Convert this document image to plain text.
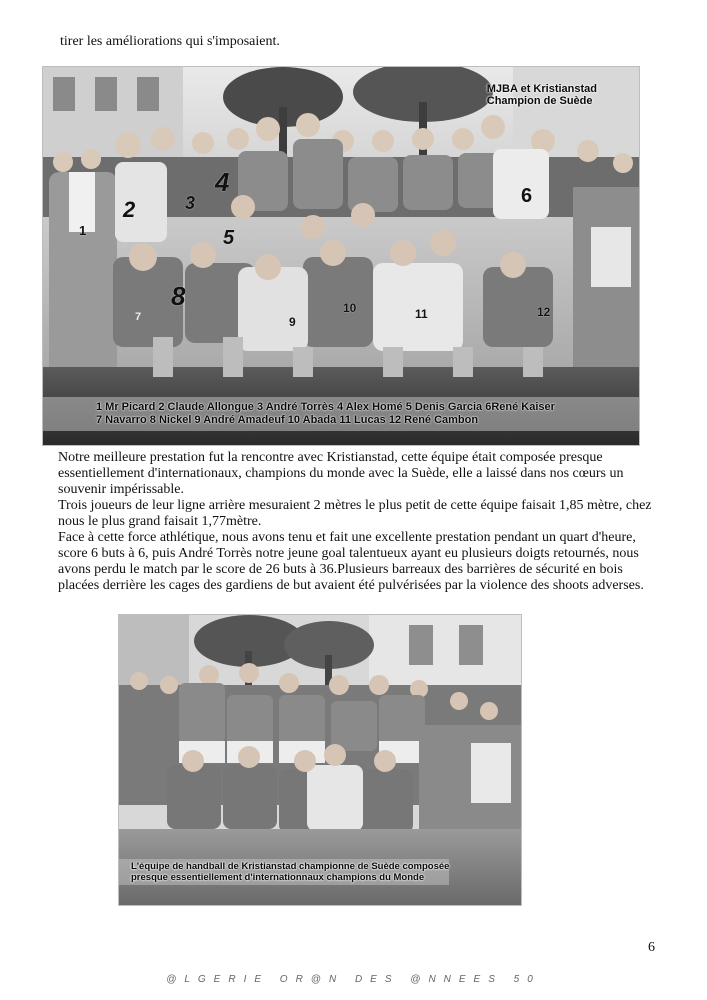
tirer les améliorations qui s'imposaient.
MJBA et Kristianstad
Champion de Suède
1
2	3
4
5
6
7
8
9
10	11	12
1 Mr Picard 2 Claude Allongue 3 André Torrès 4 Alex Homé 5 Denis Garcia 6René Kaiser
7 Navarro 8 Nickel 9 André Amadeuf 10 Abada 11 Lucas 12 René Cambon

Notre meilleure prestation fut la rencontre avec Kristianstad, cette équipe était composée presque essentiellement d'internationaux, champions du monde avec la Suède, elle a laissé dans nos cœurs un souvenir impérissable.

Trois joueurs de leur ligne arrière mesuraient 2 mètres le plus petit de cette équipe faisait 1,85 mètre, chez nous le plus grand faisait 1,77mètre.

Face à cette force athlétique, nous avons tenu et fait une excellente prestation pendant un quart d'heure, score 6 buts à 6, puis André Torrès notre jeune goal talentueux ayant eu plusieurs doigts retournés, nous avons perdu le match par le score de 26 buts à 36.Plusieurs barreaux des barrières de sécurité en bois placées derrière les cages des gardiens de but avaient été pulvérisées par la violence des shoots adverses.

L'équipe de handball de Kristianstad championne de Suède composée
presque essentiellement d'internationnaux champions du Monde
6
@LGERIE OR@N DES @NNEES 50
